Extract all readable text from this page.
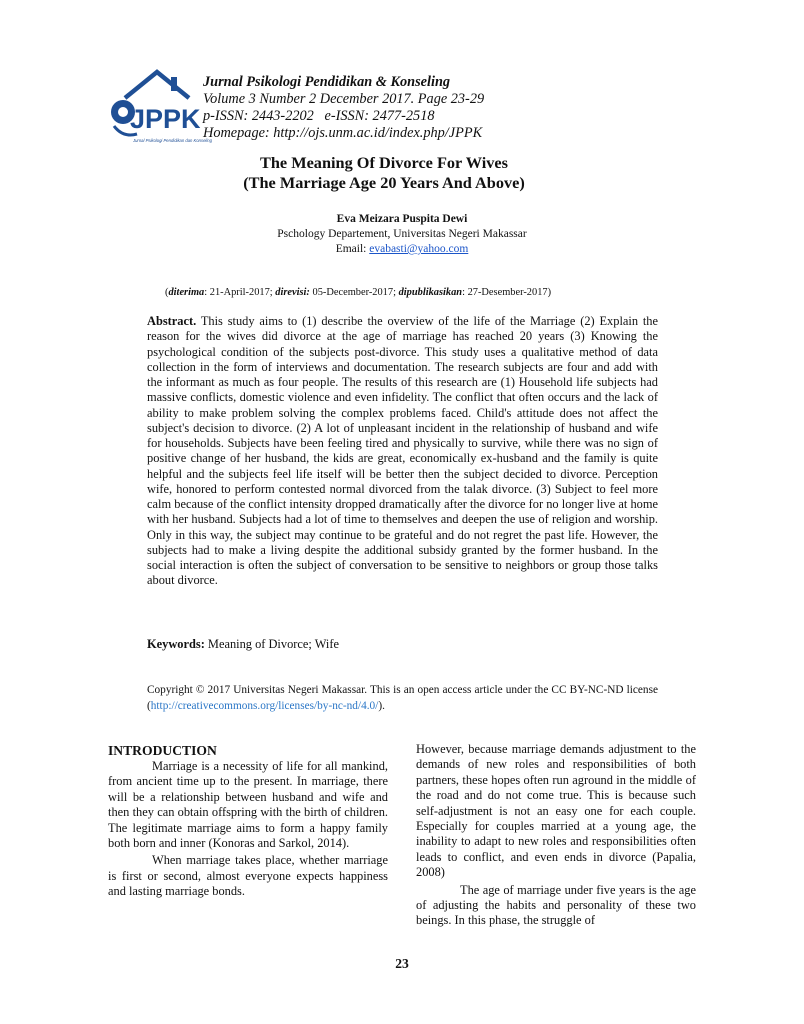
JPPK
Jurnal Psikologi Pendidikan dan Konseling
Jurnal Psikologi Pendidikan & Konseling
Volume 3 Number 2 December 2017. Page 23-29
p-ISSN: 2443-2202   e-ISSN: 2477-2518
Homepage: http://ojs.unm.ac.id/index.php/JPPK
The Meaning Of Divorce For Wives
(The Marriage Age 20 Years And Above)
Eva Meizara Puspita Dewi
Pschology Departement, Universitas Negeri Makassar
Email: evabasti@yahoo.com
(diterima: 21-April-2017; direvisi: 05-December-2017; dipublikasikan: 27-Desember-2017)
Abstract. This study aims to (1) describe the overview of the life of the Marriage (2) Explain the reason for the wives did divorce at the age of marriage has reached 20 years (3) Knowing the psychological condition of the subjects post-divorce. This study uses a qualitative method of data collection in the form of interviews and documentation. The research subjects are four and add with the informant as much as four people. The results of this research are (1) Household life subjects had massive conflicts, domestic violence and even infidelity. The conflict that often occurs and the lack of ability to make problem solving the complex problems faced. Child's attitude does not affect the subject's decision to divorce. (2) A lot of unpleasant incident in the relationship of husband and wife for households. Subjects have been feeling tired and physically to survive, while there was no sign of positive change of her husband, the kids are great, economically ex-husband and the family is quite helpful and the subjects feel life itself will be better then the subject decided to divorce. Perception wife, honored to perform contested normal divorced from the talak divorce. (3) Subject to feel more calm because of the conflict intensity dropped dramatically after the divorce for no longer live at home with her husband. Subjects had a lot of time to themselves and deepen the use of religion and worship. Only in this way, the subject may continue to be grateful and do not regret the past life. However, the subjects had to make a living despite the additional subsidy granted by the former husband. In the social interaction is often the subject of conversation to be sensitive to neighbors or group those talks about divorce.
Keywords: Meaning of Divorce; Wife
Copyright © 2017 Universitas Negeri Makassar. This is an open access article under the CC BY-NC-ND license (http://creativecommons.org/licenses/by-nc-nd/4.0/).
INTRODUCTION

Marriage is a necessity of life for all mankind, from ancient time up to the present. In marriage, there will be a relationship between husband and wife and then they can obtain offspring with the birth of children. The legitimate marriage aims to form a happy family both born and inner (Konoras and Sarkol, 2014).

When marriage takes place, whether marriage is first or second, almost everyone expects happiness and lasting marriage bonds.

However, because marriage demands adjustment to the demands of new roles and responsibilities of both partners, these hopes often run aground in the middle of the road and do not come true. This is because such self-adjustment is not an easy one for each couple. Especially for couples married at a young age, the inability to adapt to new roles and responsibilities often leads to conflict, and even ends in divorce (Papalia, 2008)

The age of marriage under five years is the age of adjusting the habits and personality of these two beings. In this phase, the struggle of

23
